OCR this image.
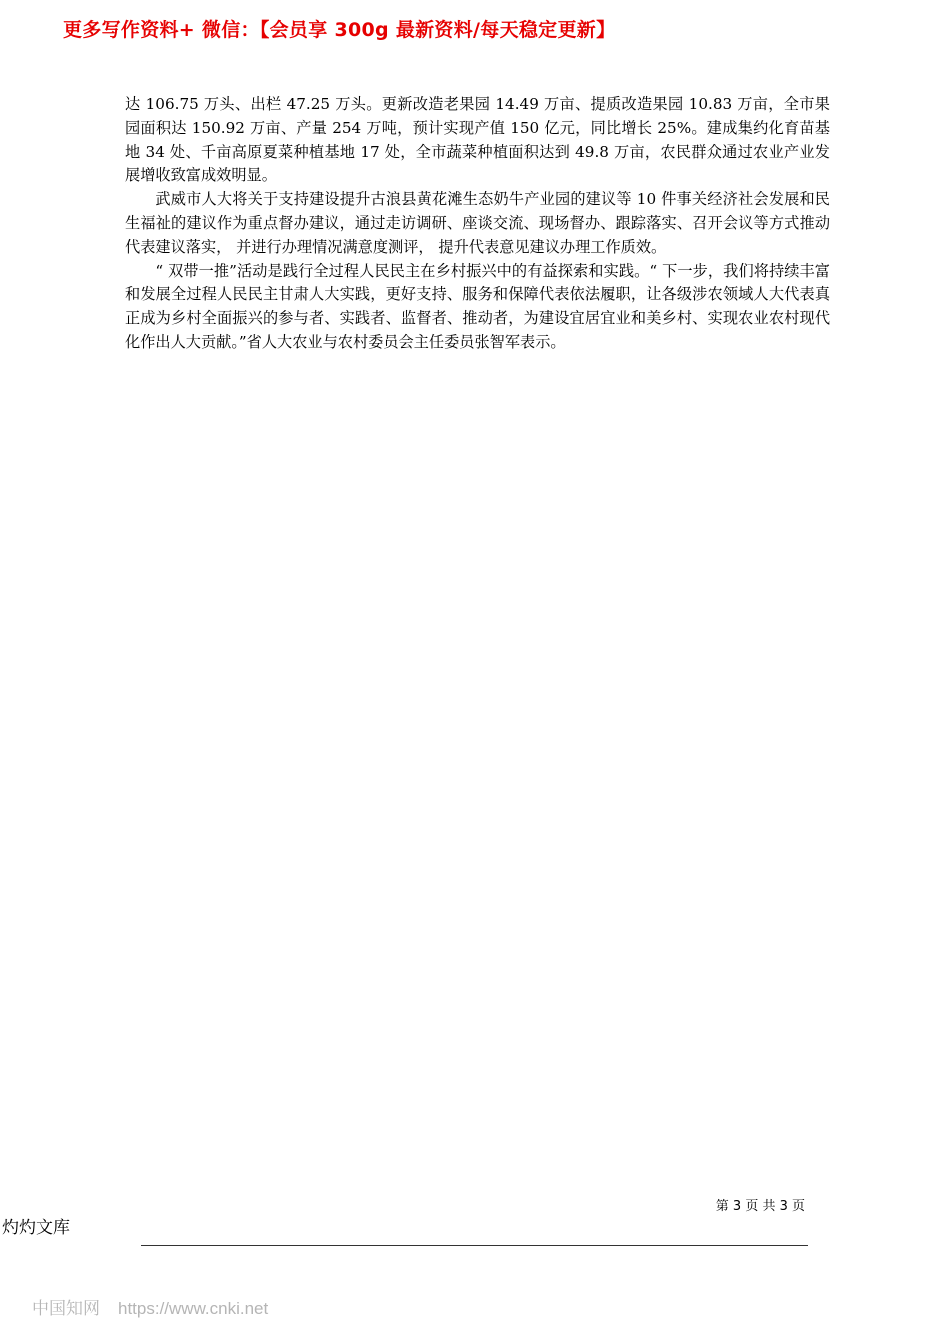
更多写作资料+ 微信：【会员享 300g 最新资料/每天稳定更新】

达 106.75 万头、出栏 47.25 万头。更新改造老果园 14.49 万亩、提质改造果园 10.83 万亩，全市果园面积达 150.92 万亩、产量 254 万吨，预计实现产值 150 亿元，同比增长 25%。建成集约化育苗基地 34 处、千亩高原夏菜种植基地 17 处，全市蔬菜种植面积达到 49.8 万亩，农民群众通过农业产业发展增收致富成效明显。

武威市人大将关于支持建设提升古浪县黄花滩生态奶牛产业园的建议等 10 件事关经济社会发展和民生福祉的建议作为重点督办建议，通过走访调研、座谈交流、现场督办、跟踪落实、召开会议等方式推动代表建议落实， 并进行办理情况满意度测评， 提升代表意见建议办理工作质效。

“ 双带一推”活动是践行全过程人民民主在乡村振兴中的有益探索和实践。“ 下一步，我们将持续丰富和发展全过程人民民主甘肃人大实践，更好支持、服务和保障代表依法履职，让各级涉农领域人大代表真正成为乡村全面振兴的参与者、实践者、监督者、推动者，为建设宜居宜业和美乡村、实现农业农村现代化作出人大贡献。”省人大农业与农村委员会主任委员张智军表示。

第 3 页 共 3 页
灼灼文库
中国知网 https://www.cnki.net
